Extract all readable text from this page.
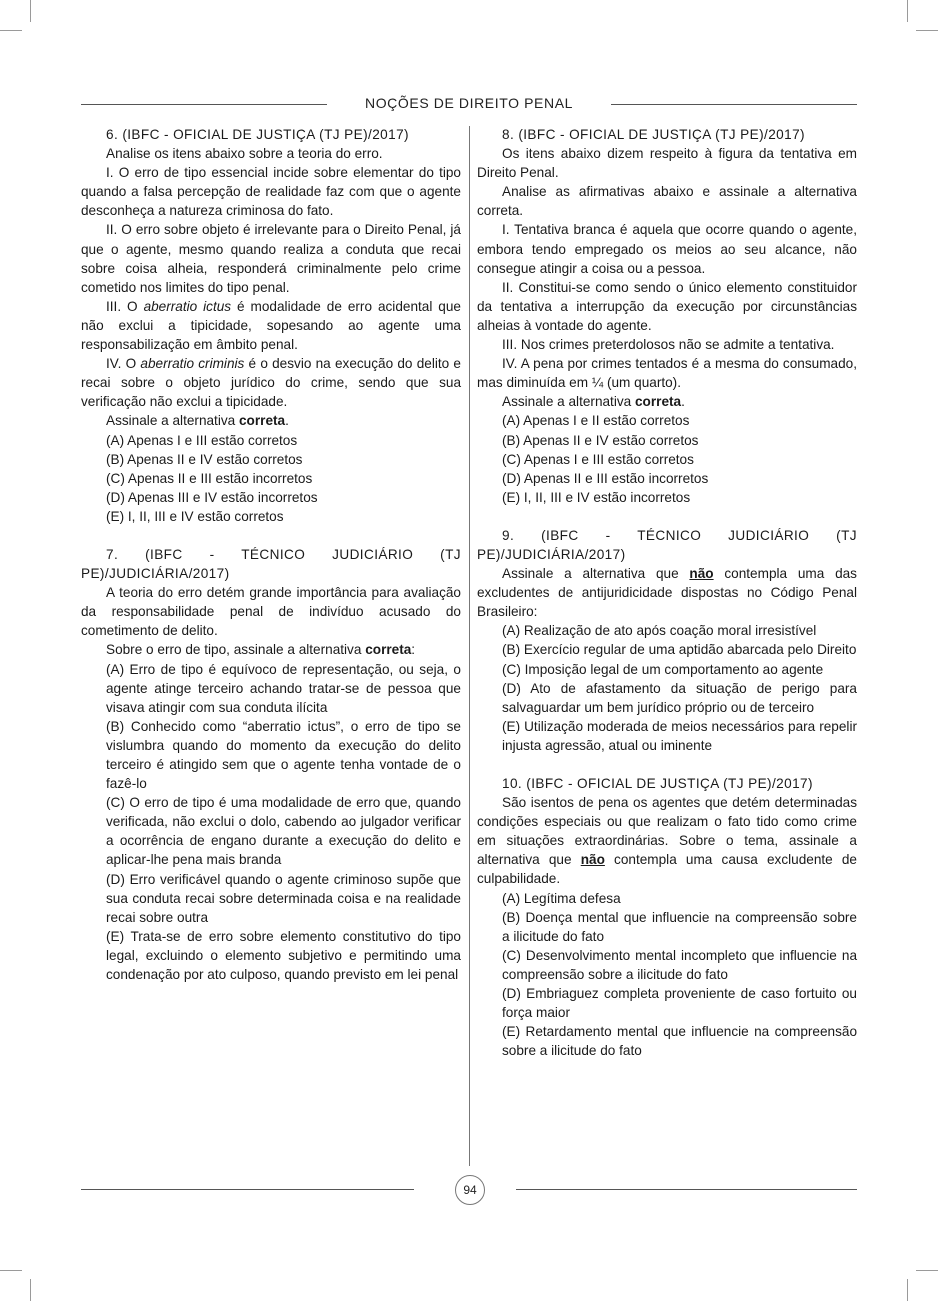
NOÇÕES DE DIREITO PENAL

6. (IBFC - OFICIAL DE JUSTIÇA (TJ PE)/2017)

Analise os itens abaixo sobre a teoria do erro.

I. O erro de tipo essencial incide sobre elementar do tipo quando a falsa percepção de realidade faz com que o agente desconheça a natureza criminosa do fato.

II. O erro sobre objeto é irrelevante para o Direito Penal, já que o agente, mesmo quando realiza a conduta que recai sobre coisa alheia, responderá criminalmente pelo crime cometido nos limites do tipo penal.

III. O aberratio ictus é modalidade de erro acidental que não exclui a tipicidade, sopesando ao agente uma responsabilização em âmbito penal.

IV. O aberratio criminis é o desvio na execução do delito e recai sobre o objeto jurídico do crime, sendo que sua verificação não exclui a tipicidade.

Assinale a alternativa correta.

(A) Apenas I e III estão corretos

(B) Apenas II e IV estão corretos

(C) Apenas II e III estão incorretos

(D) Apenas III e IV estão incorretos

(E) I, II, III e IV estão corretos

7. (IBFC - TÉCNICO JUDICIÁRIO (TJ PE)/JUDICIÁRIA/2017)

A teoria do erro detém grande importância para avaliação da responsabilidade penal de indivíduo acusado do cometimento de delito.

Sobre o erro de tipo, assinale a alternativa correta:

(A) Erro de tipo é equívoco de representação, ou seja, o agente atinge terceiro achando tratar-se de pessoa que visava atingir com sua conduta ilícita

(B) Conhecido como “aberratio ictus”, o erro de tipo se vislumbra quando do momento da execução do delito terceiro é atingido sem que o agente tenha vontade de o fazê-lo

(C) O erro de tipo é uma modalidade de erro que, quando verificada, não exclui o dolo, cabendo ao julgador verificar a ocorrência de engano durante a execução do delito e aplicar-lhe pena mais branda

(D) Erro verificável quando o agente criminoso supõe que sua conduta recai sobre determinada coisa e na realidade recai sobre outra

(E) Trata-se de erro sobre elemento constitutivo do tipo legal, excluindo o elemento subjetivo e permitindo uma condenação por ato culposo, quando previsto em lei penal

8. (IBFC - OFICIAL DE JUSTIÇA (TJ PE)/2017)

Os itens abaixo dizem respeito à figura da tentativa em Direito Penal.

Analise as afirmativas abaixo e assinale a alternativa correta.

I. Tentativa branca é aquela que ocorre quando o agente, embora tendo empregado os meios ao seu alcance, não consegue atingir a coisa ou a pessoa.

II. Constitui-se como sendo o único elemento constituidor da tentativa a interrupção da execução por circunstâncias alheias à vontade do agente.

III. Nos crimes preterdolosos não se admite a tentativa.

IV. A pena por crimes tentados é a mesma do consumado, mas diminuída em ¼ (um quarto).

Assinale a alternativa correta.

(A) Apenas I e II estão corretos

(B) Apenas II e IV estão corretos

(C) Apenas I e III estão corretos

(D) Apenas II e III estão incorretos

(E) I, II, III e IV estão incorretos

9. (IBFC - TÉCNICO JUDICIÁRIO (TJ PE)/JUDICIÁRIA/2017)

Assinale a alternativa que não contempla uma das excludentes de antijuridicidade dispostas no Código Penal Brasileiro:

(A) Realização de ato após coação moral irresistível

(B) Exercício regular de uma aptidão abarcada pelo Direito

(C) Imposição legal de um comportamento ao agente

(D) Ato de afastamento da situação de perigo para salvaguardar um bem jurídico próprio ou de terceiro

(E) Utilização moderada de meios necessários para repelir injusta agressão, atual ou iminente

10. (IBFC - OFICIAL DE JUSTIÇA (TJ PE)/2017)

São isentos de pena os agentes que detém determinadas condições especiais ou que realizam o fato tido como crime em situações extraordinárias. Sobre o tema, assinale a alternativa que não contempla uma causa excludente de culpabilidade.

(A) Legítima defesa

(B) Doença mental que influencie na compreensão sobre a ilicitude do fato

(C) Desenvolvimento mental incompleto que influencie na compreensão sobre a ilicitude do fato

(D) Embriaguez completa proveniente de caso fortuito ou força maior

(E) Retardamento mental que influencie na compreensão sobre a ilicitude do fato

94
